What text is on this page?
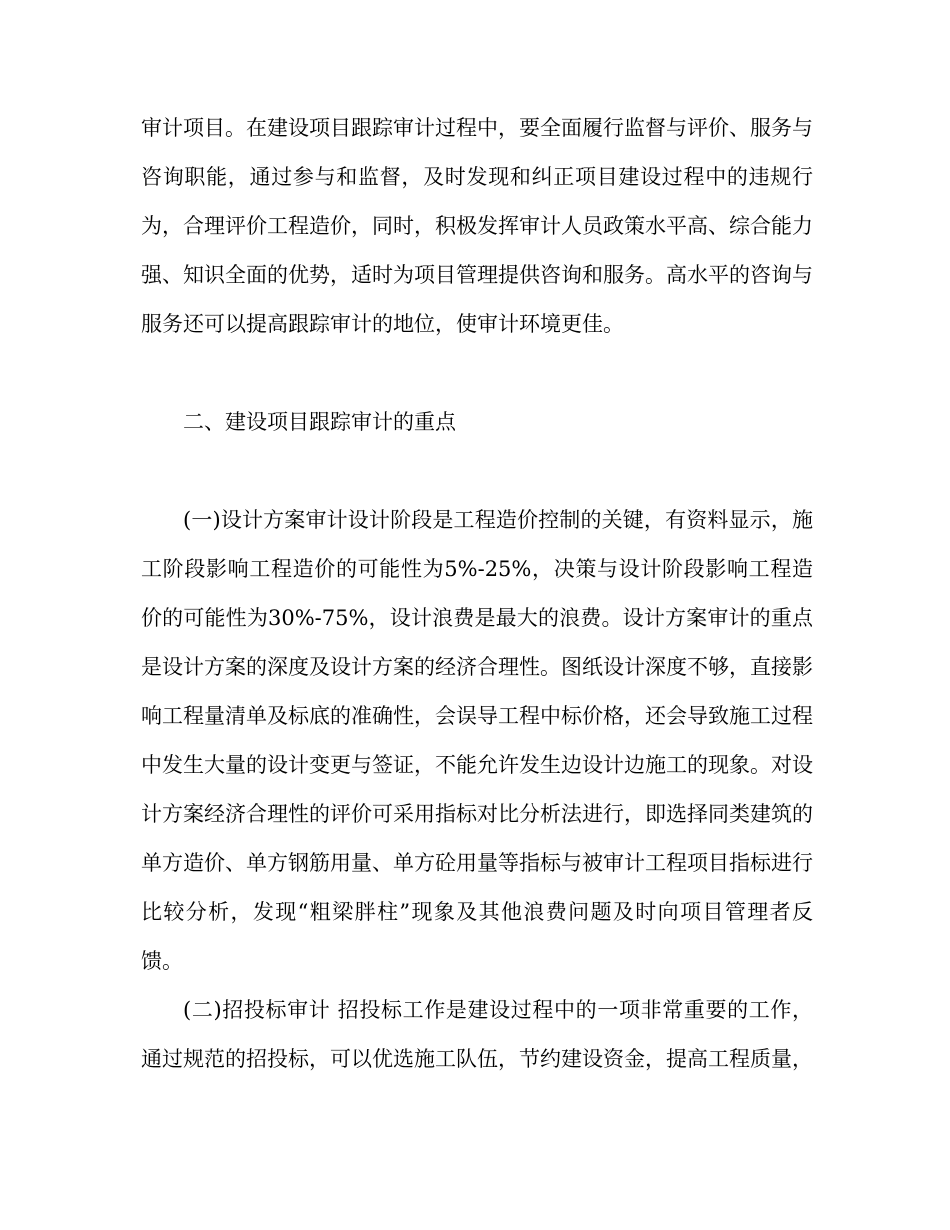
审计项目。在建设项目跟踪审计过程中，要全面履行监督与评价、服务与咨询职能，通过参与和监督，及时发现和纠正项目建设过程中的违规行为，合理评价工程造价，同时，积极发挥审计人员政策水平高、综合能力强、知识全面的优势，适时为项目管理提供咨询和服务。高水平的咨询与服务还可以提高跟踪审计的地位，使审计环境更佳。

二、建设项目跟踪审计的重点

(一)设计方案审计设计阶段是工程造价控制的关键，有资料显示，施工阶段影响工程造价的可能性为5%-25%，决策与设计阶段影响工程造价的可能性为30%-75%，设计浪费是最大的浪费。设计方案审计的重点是设计方案的深度及设计方案的经济合理性。图纸设计深度不够，直接影响工程量清单及标底的准确性，会误导工程中标价格，还会导致施工过程中发生大量的设计变更与签证，不能允许发生边设计边施工的现象。对设计方案经济合理性的评价可采用指标对比分析法进行，即选择同类建筑的单方造价、单方钢筋用量、单方砼用量等指标与被审计工程项目指标进行比较分析，发现“粗梁胖柱”现象及其他浪费问题及时向项目管理者反馈。

(二)招投标审计 招投标工作是建设过程中的一项非常重要的工作，通过规范的招投标，可以优选施工队伍，节约建设资金，提高工程质量，
